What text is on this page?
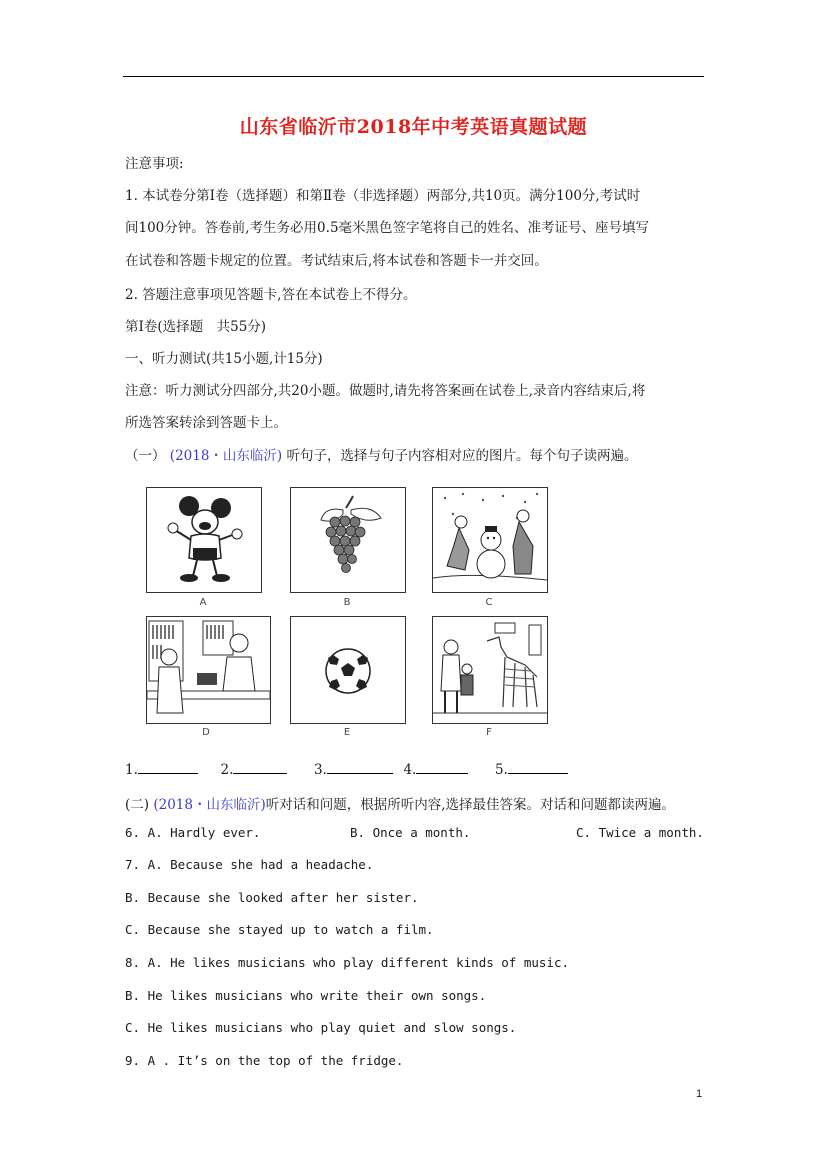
山东省临沂市2018年中考英语真题试题
注意事项:
1. 本试卷分第Ⅰ卷（选择题）和第Ⅱ卷（非选择题）两部分,共10页。满分100分,考试时
间100分钟。答卷前,考生务必用0.5毫米黑色签字笔将自己的姓名、准考证号、座号填写
在试卷和答题卡规定的位置。考试结束后,将本试卷和答题卡一并交回。
2. 答题注意事项见答题卡,答在本试卷上不得分。
第Ⅰ卷(选择题　共55分)
一、听力测试(共15小题,计15分)
注意：听力测试分四部分,共20小题。做题时,请先将答案画在试卷上,录音内容结束后,将
所选答案转涂到答题卡上。
（一） (2018・山东临沂) 听句子，选择与句子内容相对应的图片。每个句子读两遍。
A	B	C
D	E	F
1.	2.	3.	4.	5.
(二) (2018・山东临沂)听对话和问题，根据所听内容,选择最佳答案。对话和问题都读两遍。
6. A. Hardly ever.	B. Once a month.	C. Twice a month.
7. A. Because she had a headache.
B. Because she looked after her sister.
C. Because she stayed up to watch a film.
8. A. He likes musicians who play different kinds of music.
B. He likes musicians who write their own songs.
C. He likes musicians who play quiet and slow songs.
9. A . It’s on the top of the fridge.
1
